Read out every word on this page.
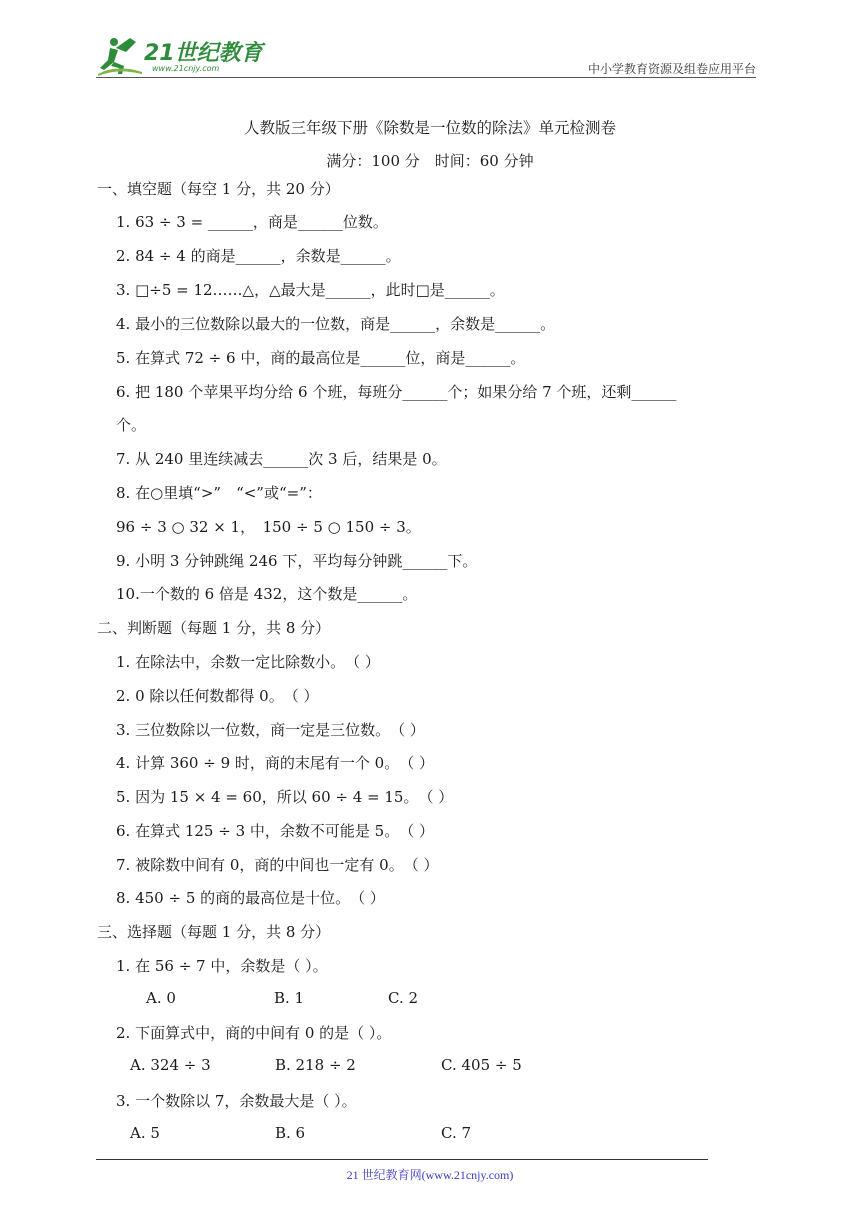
21世纪教育
www.21cnjy.com	中小学教育资源及组卷应用平台
人教版三年级下册《除数是一位数的除法》单元检测卷
满分：100 分　时间：60 分钟
一、填空题（每空 1 分，共 20 分）
1. 63 ÷ 3 = ______，商是______位数。
2. 84 ÷ 4 的商是______，余数是______。
3. □÷5 = 12……△，△最大是______，此时□是______。
4. 最小的三位数除以最大的一位数，商是______，余数是______。
5. 在算式 72 ÷ 6 中，商的最高位是______位，商是______。
6. 把 180 个苹果平均分给 6 个班，每班分______个；如果分给 7 个班，还剩______
个。
7. 从 240 里连续减去______次 3 后，结果是 0。
8. 在○里填“>”　“<”或“=”：
96 ÷ 3 ○ 32 × 1，　150 ÷ 5 ○ 150 ÷ 3。
9. 小明 3 分钟跳绳 246 下，平均每分钟跳______下。
10.一个数的 6 倍是 432，这个数是______。
二、判断题（每题 1 分，共 8 分）
1. 在除法中，余数一定比除数小。　（ ）
2. 0 除以任何数都得 0。　（ ）
3. 三位数除以一位数，商一定是三位数。　（ ）
4. 计算 360 ÷ 9 时，商的末尾有一个 0。　（ ）
5. 因为 15 × 4 = 60，所以 60 ÷ 4 = 15。　（ ）
6. 在算式 125 ÷ 3 中，余数不可能是 5。　（ ）
7. 被除数中间有 0，商的中间也一定有 0。　（ ）
8. 450 ÷ 5 的商的最高位是十位。　（ ）
三、选择题（每题 1 分，共 8 分）
1. 在 56 ÷ 7 中，余数是（ ）。
A. 0	B. 1	C. 2
2. 下面算式中，商的中间有 0 的是（ ）。
A. 324 ÷ 3	B. 218 ÷ 2	C. 405 ÷ 5
3. 一个数除以 7，余数最大是（ ）。
A. 5	B. 6	C. 7
21 世纪教育网(www.21cnjy.com)
